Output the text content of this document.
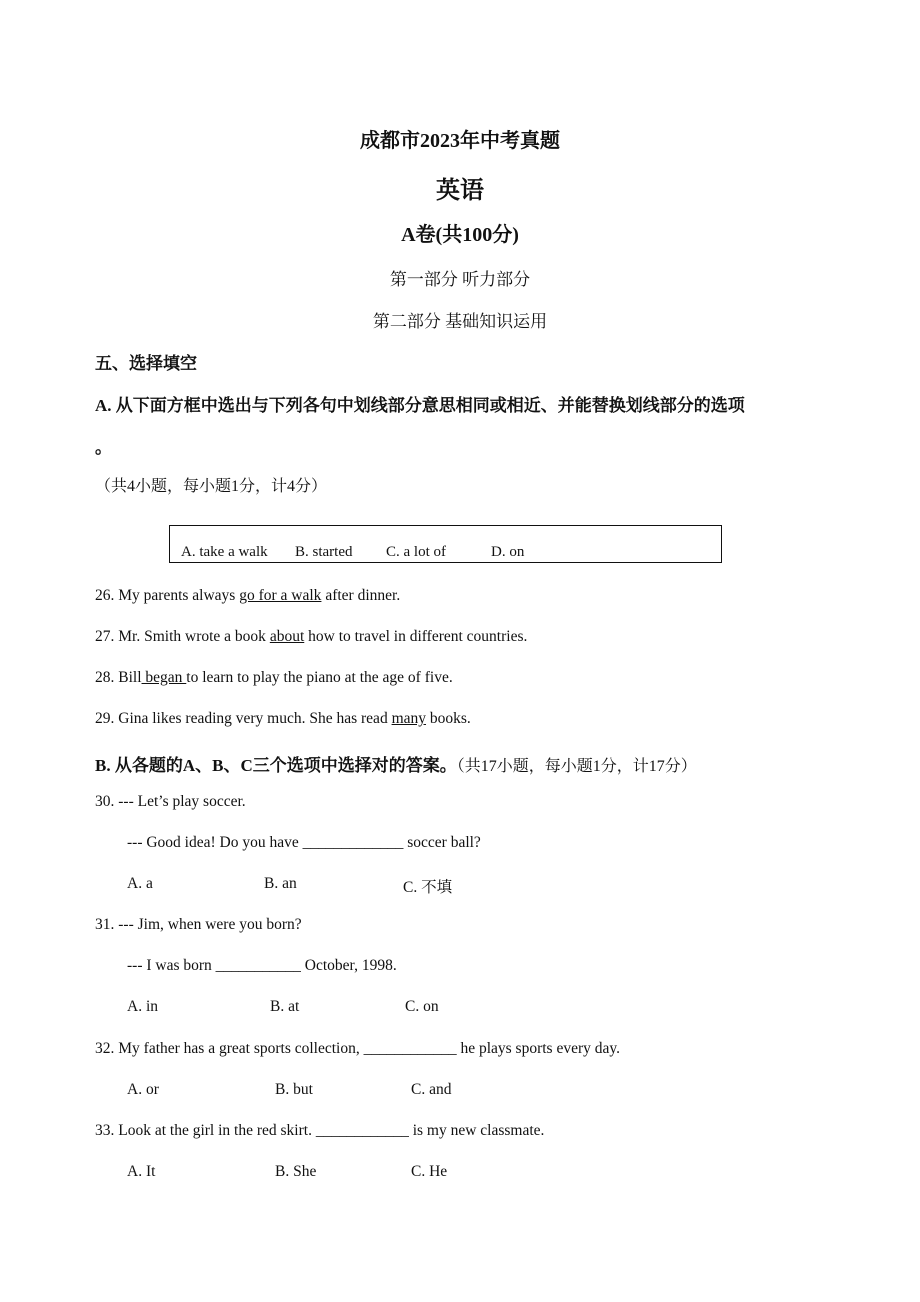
成都市2023年中考真题
英语
A卷(共100分)
第一部分 听力部分
第二部分 基础知识运用
五、选择填空
A. 从下面方框中选出与下列各句中划线部分意思相同或相近、并能替换划线部分的选项
。
（共4小题，每小题1分，计4分）
A. take a walk B. started C. a lot of	D. on
26. My parents always go for a walk after dinner.
27. Mr. Smith wrote a book about how to travel in different countries.
28. Bill began to learn to play the piano at the age of five.
29. Gina likes reading very much. She has read many books.
B. 从各题的A、B、C三个选项中选择对的答案。（共17小题，每小题1分，计17分）
30. --- Let’s play soccer.
--- Good idea! Do you have _____________ soccer ball?
A. a	B. an	C. 不填
31. --- Jim, when were you born?
--- I was born ___________ October, 1998.
A. in	B. at	C. on
32. My father has a great sports collection, ____________ he plays sports every day.
A. or	B. but	C. and
33. Look at the girl in the red skirt. ____________ is my new classmate.
A. It	B. She	C. He
